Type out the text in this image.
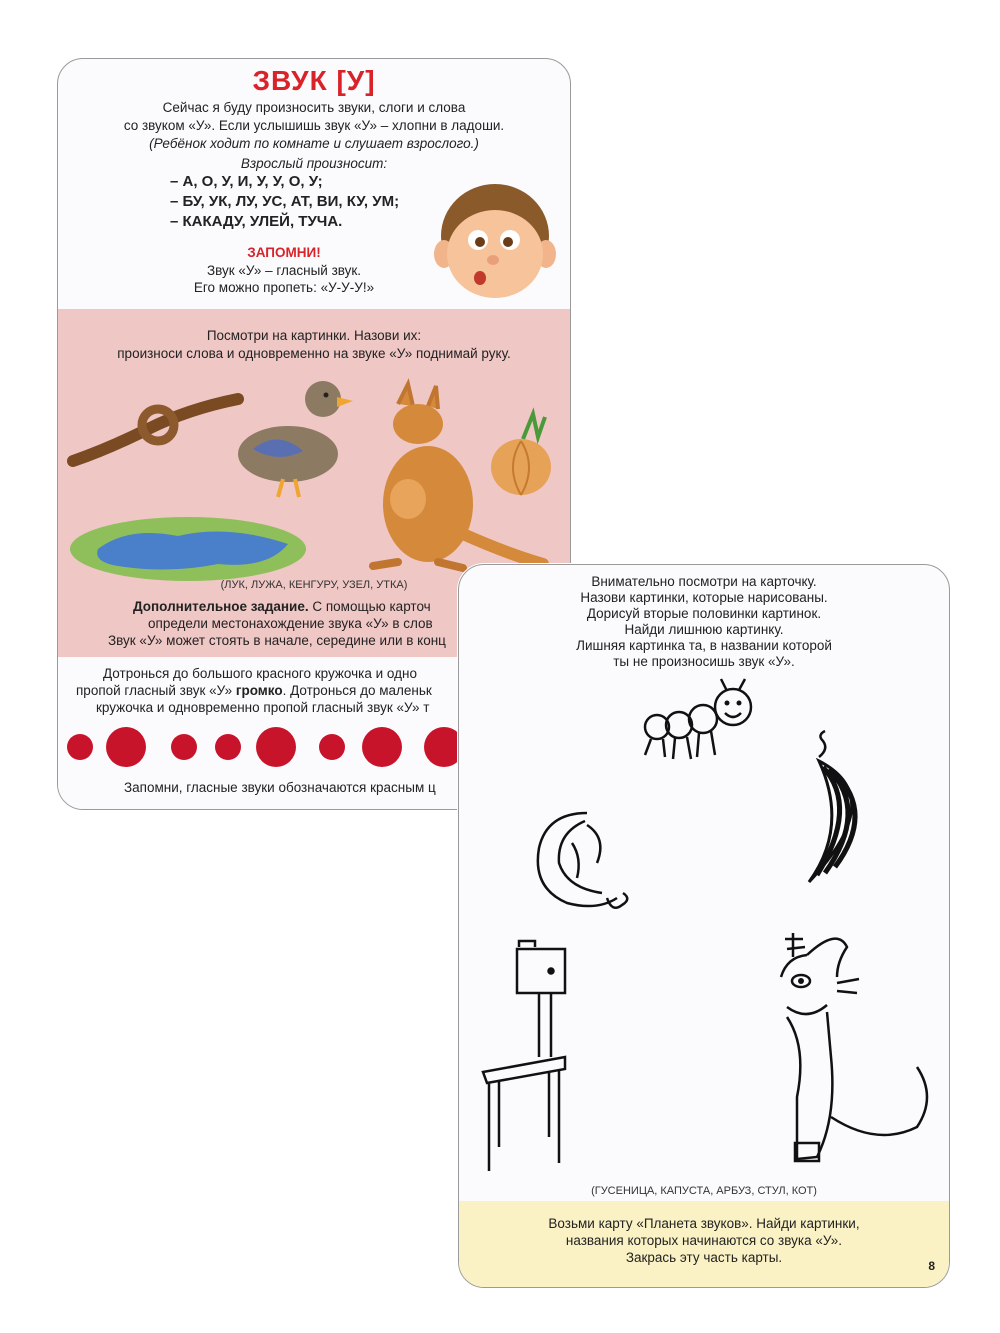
ЗВУК [У]

Сейчас я буду произносить звуки, слоги и слова

со звуком «У». Если услышишь звук «У» – хлопни в ладоши.

(Ребёнок ходит по комнате и слушает взрослого.)

Взрослый произносит:

– А, О, У, И, У, У, О, У;
– БУ, УК, ЛУ, УС, АТ, ВИ, КУ, УМ;
– КАКАДУ, УЛЕЙ, ТУЧА.

ЗАПОМНИ!

Звук «У» – гласный звук.

Его можно пропеть: «У-У-У!»

Посмотри на картинки. Назови их:

произноси слова и одновременно на звуке «У» поднимай руку.

(ЛУК, ЛУЖА, КЕНГУРУ, УЗЕЛ, УТКА)

Дополнительное задание. С помощью карточ
определи местонахождение звука «У» в слов
Звук «У» может стоять в начале, середине или в конц
Дотронься до большого красного кружочка и одно
пропой гласный звук «У» громко. Дотронься до маленьк
кружочка и одновременно пропой гласный звук «У» т
Запомни, гласные звуки обозначаются красным ц

Внимательно посмотри на карточку.

Назови картинки, которые нарисованы.

Дорисуй вторые половинки картинок.

Найди лишнюю картинку.

Лишняя картинка та, в названии которой

ты не произносишь звук «У».

(ГУСЕНИЦА, КАПУСТА, АРБУЗ, СТУЛ, КОТ)

Возьми карту «Планета звуков». Найди картинки,

названия которых начинаются со звука «У».

Закрась эту часть карты.

8
